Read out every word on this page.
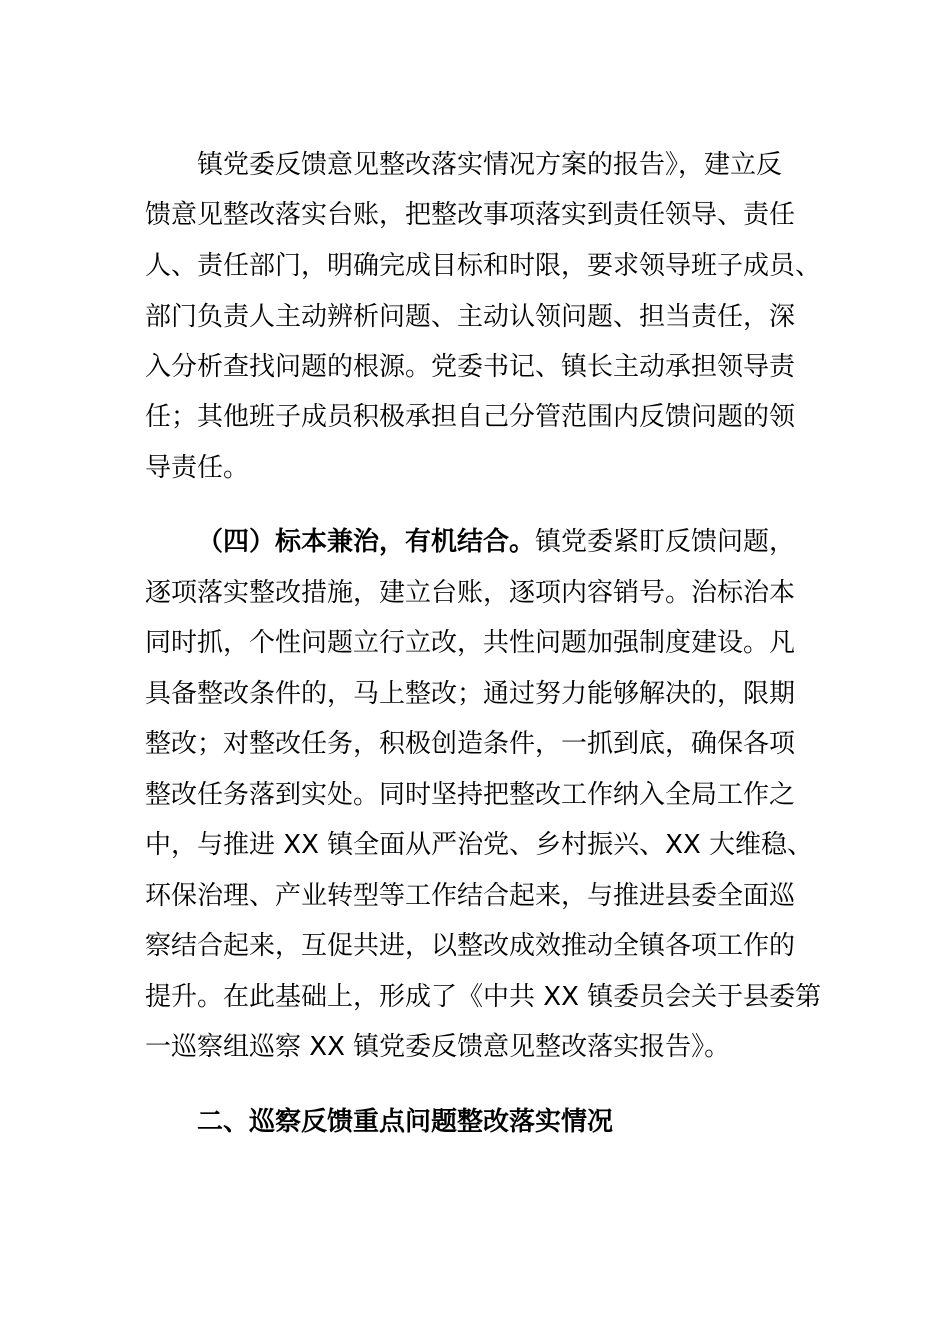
镇党委反馈意见整改落实情况方案的报告》，建立反
馈意见整改落实台账，把整改事项落实到责任领导、责任
人、责任部门，明确完成目标和时限，要求领导班子成员、
部门负责人主动辨析问题、主动认领问题、担当责任，深
入分析查找问题的根源。党委书记、镇长主动承担领导责
任；其他班子成员积极承担自己分管范围内反馈问题的领
导责任。
（四）标本兼治，有机结合。镇党委紧盯反馈问题，
逐项落实整改措施，建立台账，逐项内容销号。治标治本
同时抓，个性问题立行立改，共性问题加强制度建设。凡
具备整改条件的，马上整改；通过努力能够解决的，限期
整改；对整改任务，积极创造条件，一抓到底，确保各项
整改任务落到实处。同时坚持把整改工作纳入全局工作之
中，与推进 XX 镇全面从严治党、乡村振兴、XX 大维稳、
环保治理、产业转型等工作结合起来，与推进县委全面巡
察结合起来，互促共进，以整改成效推动全镇各项工作的
提升。在此基础上，形成了《中共 XX 镇委员会关于县委第
一巡察组巡察 XX 镇党委反馈意见整改落实报告》。
二、巡察反馈重点问题整改落实情况
